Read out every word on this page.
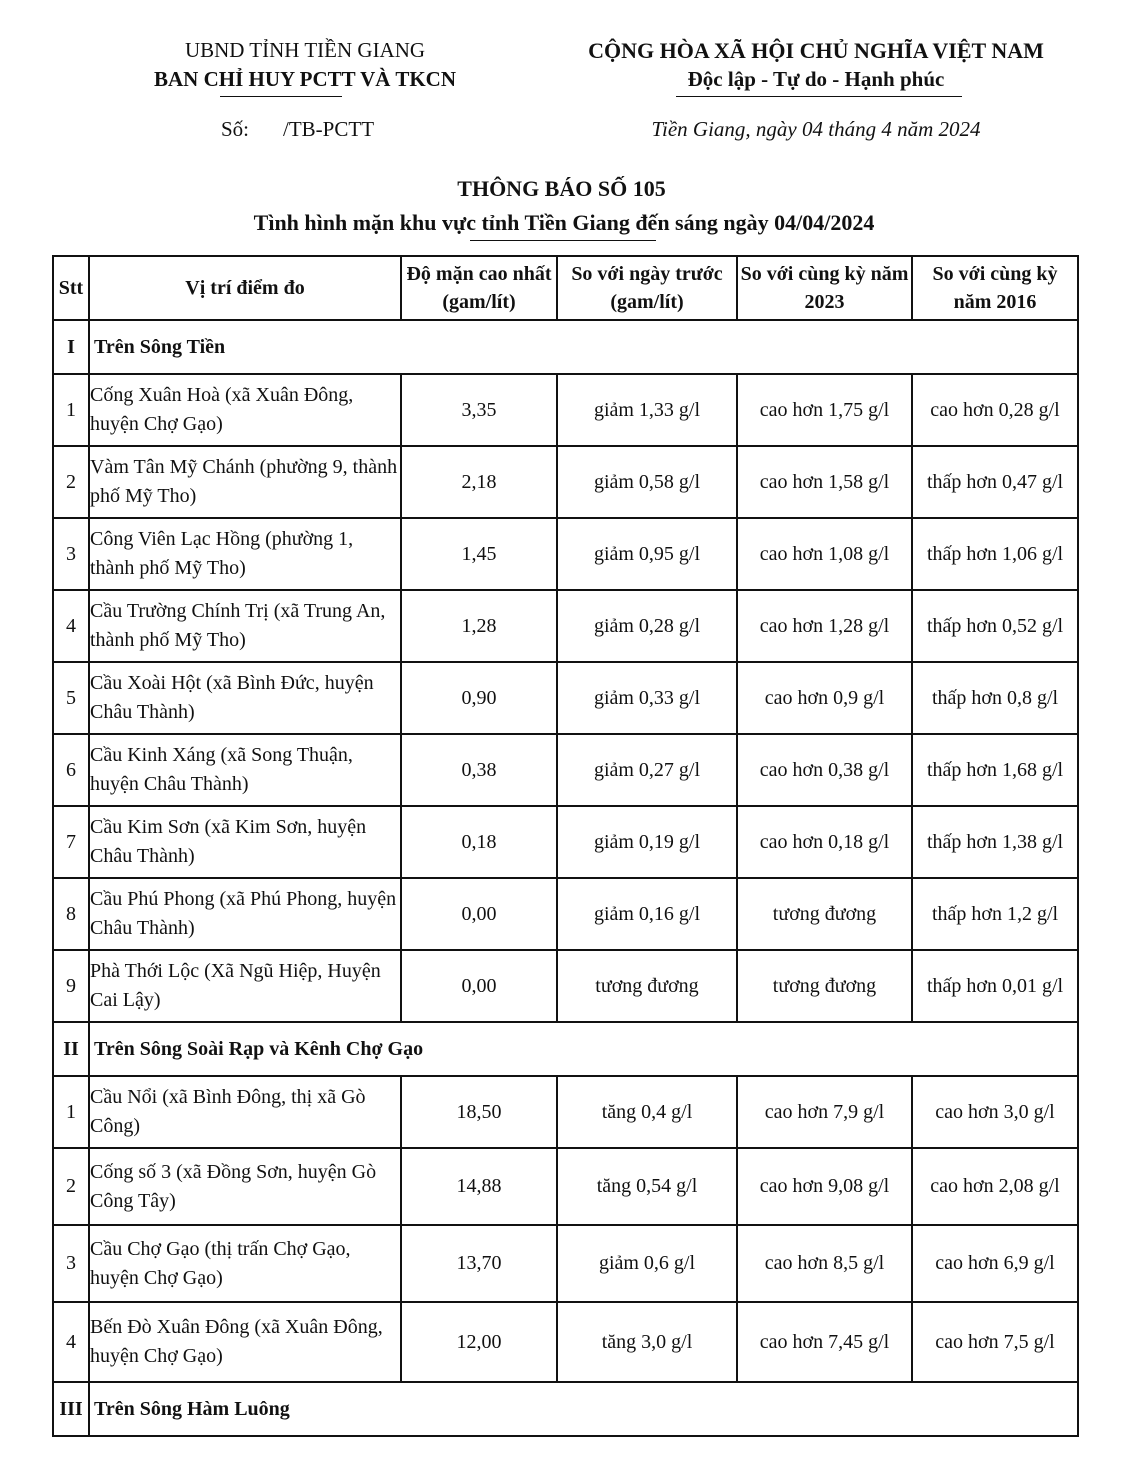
UBND TỈNH TIỀN GIANG
BAN CHỈ HUY PCTT VÀ TKCN
CỘNG HÒA XÃ HỘI CHỦ NGHĨA VIỆT NAM
Độc lập - Tự do - Hạnh phúc
Số: /TB-PCTT	Tiền Giang, ngày 04 tháng 4 năm 2024
THÔNG BÁO SỐ 105
Tình hình mặn khu vực tỉnh Tiền Giang đến sáng ngày 04/04/2024
Stt	Vị trí điểm đo	Độ mặn cao nhất (gam/lít)	So với ngày trước (gam/lít)	So với cùng kỳ năm 2023	So với cùng kỳ năm 2016
I	Trên Sông Tiền				
1	Cống Xuân Hoà (xã Xuân Đông, huyện Chợ Gạo)	3,35	giảm 1,33 g/l	cao hơn 1,75 g/l	cao hơn 0,28 g/l
2	Vàm Tân Mỹ Chánh (phường 9, thành phố Mỹ Tho)	2,18	giảm 0,58 g/l	cao hơn 1,58 g/l	thấp hơn 0,47 g/l
3	Công Viên Lạc Hồng (phường 1, thành phố Mỹ Tho)	1,45	giảm 0,95 g/l	cao hơn 1,08 g/l	thấp hơn 1,06 g/l
4	Cầu Trường Chính Trị (xã Trung An, thành phố Mỹ Tho)	1,28	giảm 0,28 g/l	cao hơn 1,28 g/l	thấp hơn 0,52 g/l
5	Cầu Xoài Hột (xã Bình Đức, huyện Châu Thành)	0,90	giảm 0,33 g/l	cao hơn 0,9 g/l	thấp hơn 0,8 g/l
6	Cầu Kinh Xáng (xã Song Thuận, huyện Châu Thành)	0,38	giảm 0,27 g/l	cao hơn 0,38 g/l	thấp hơn 1,68 g/l
7	Cầu Kim Sơn (xã Kim Sơn, huyện Châu Thành)	0,18	giảm 0,19 g/l	cao hơn 0,18 g/l	thấp hơn 1,38 g/l
8	Cầu Phú Phong (xã Phú Phong, huyện Châu Thành)	0,00	giảm 0,16 g/l	tương đương	thấp hơn 1,2 g/l
9	Phà Thới Lộc (Xã Ngũ Hiệp, Huyện Cai Lậy)	0,00	tương đương	tương đương	thấp hơn 0,01 g/l
II	Trên Sông Soài Rạp và Kênh Chợ Gạo				
1	Cầu Nổi (xã Bình Đông, thị xã Gò Công)	18,50	tăng 0,4 g/l	cao hơn 7,9 g/l	cao hơn 3,0 g/l
2	Cống số 3 (xã Đồng Sơn, huyện Gò Công Tây)	14,88	tăng 0,54 g/l	cao hơn 9,08 g/l	cao hơn 2,08 g/l
3	Cầu Chợ Gạo (thị trấn Chợ Gạo, huyện Chợ Gạo)	13,70	giảm 0,6 g/l	cao hơn 8,5 g/l	cao hơn 6,9 g/l
4	Bến Đò Xuân Đông (xã Xuân Đông, huyện Chợ Gạo)	12,00	tăng 3,0 g/l	cao hơn 7,45 g/l	cao hơn 7,5 g/l
III	Trên Sông Hàm Luông				
